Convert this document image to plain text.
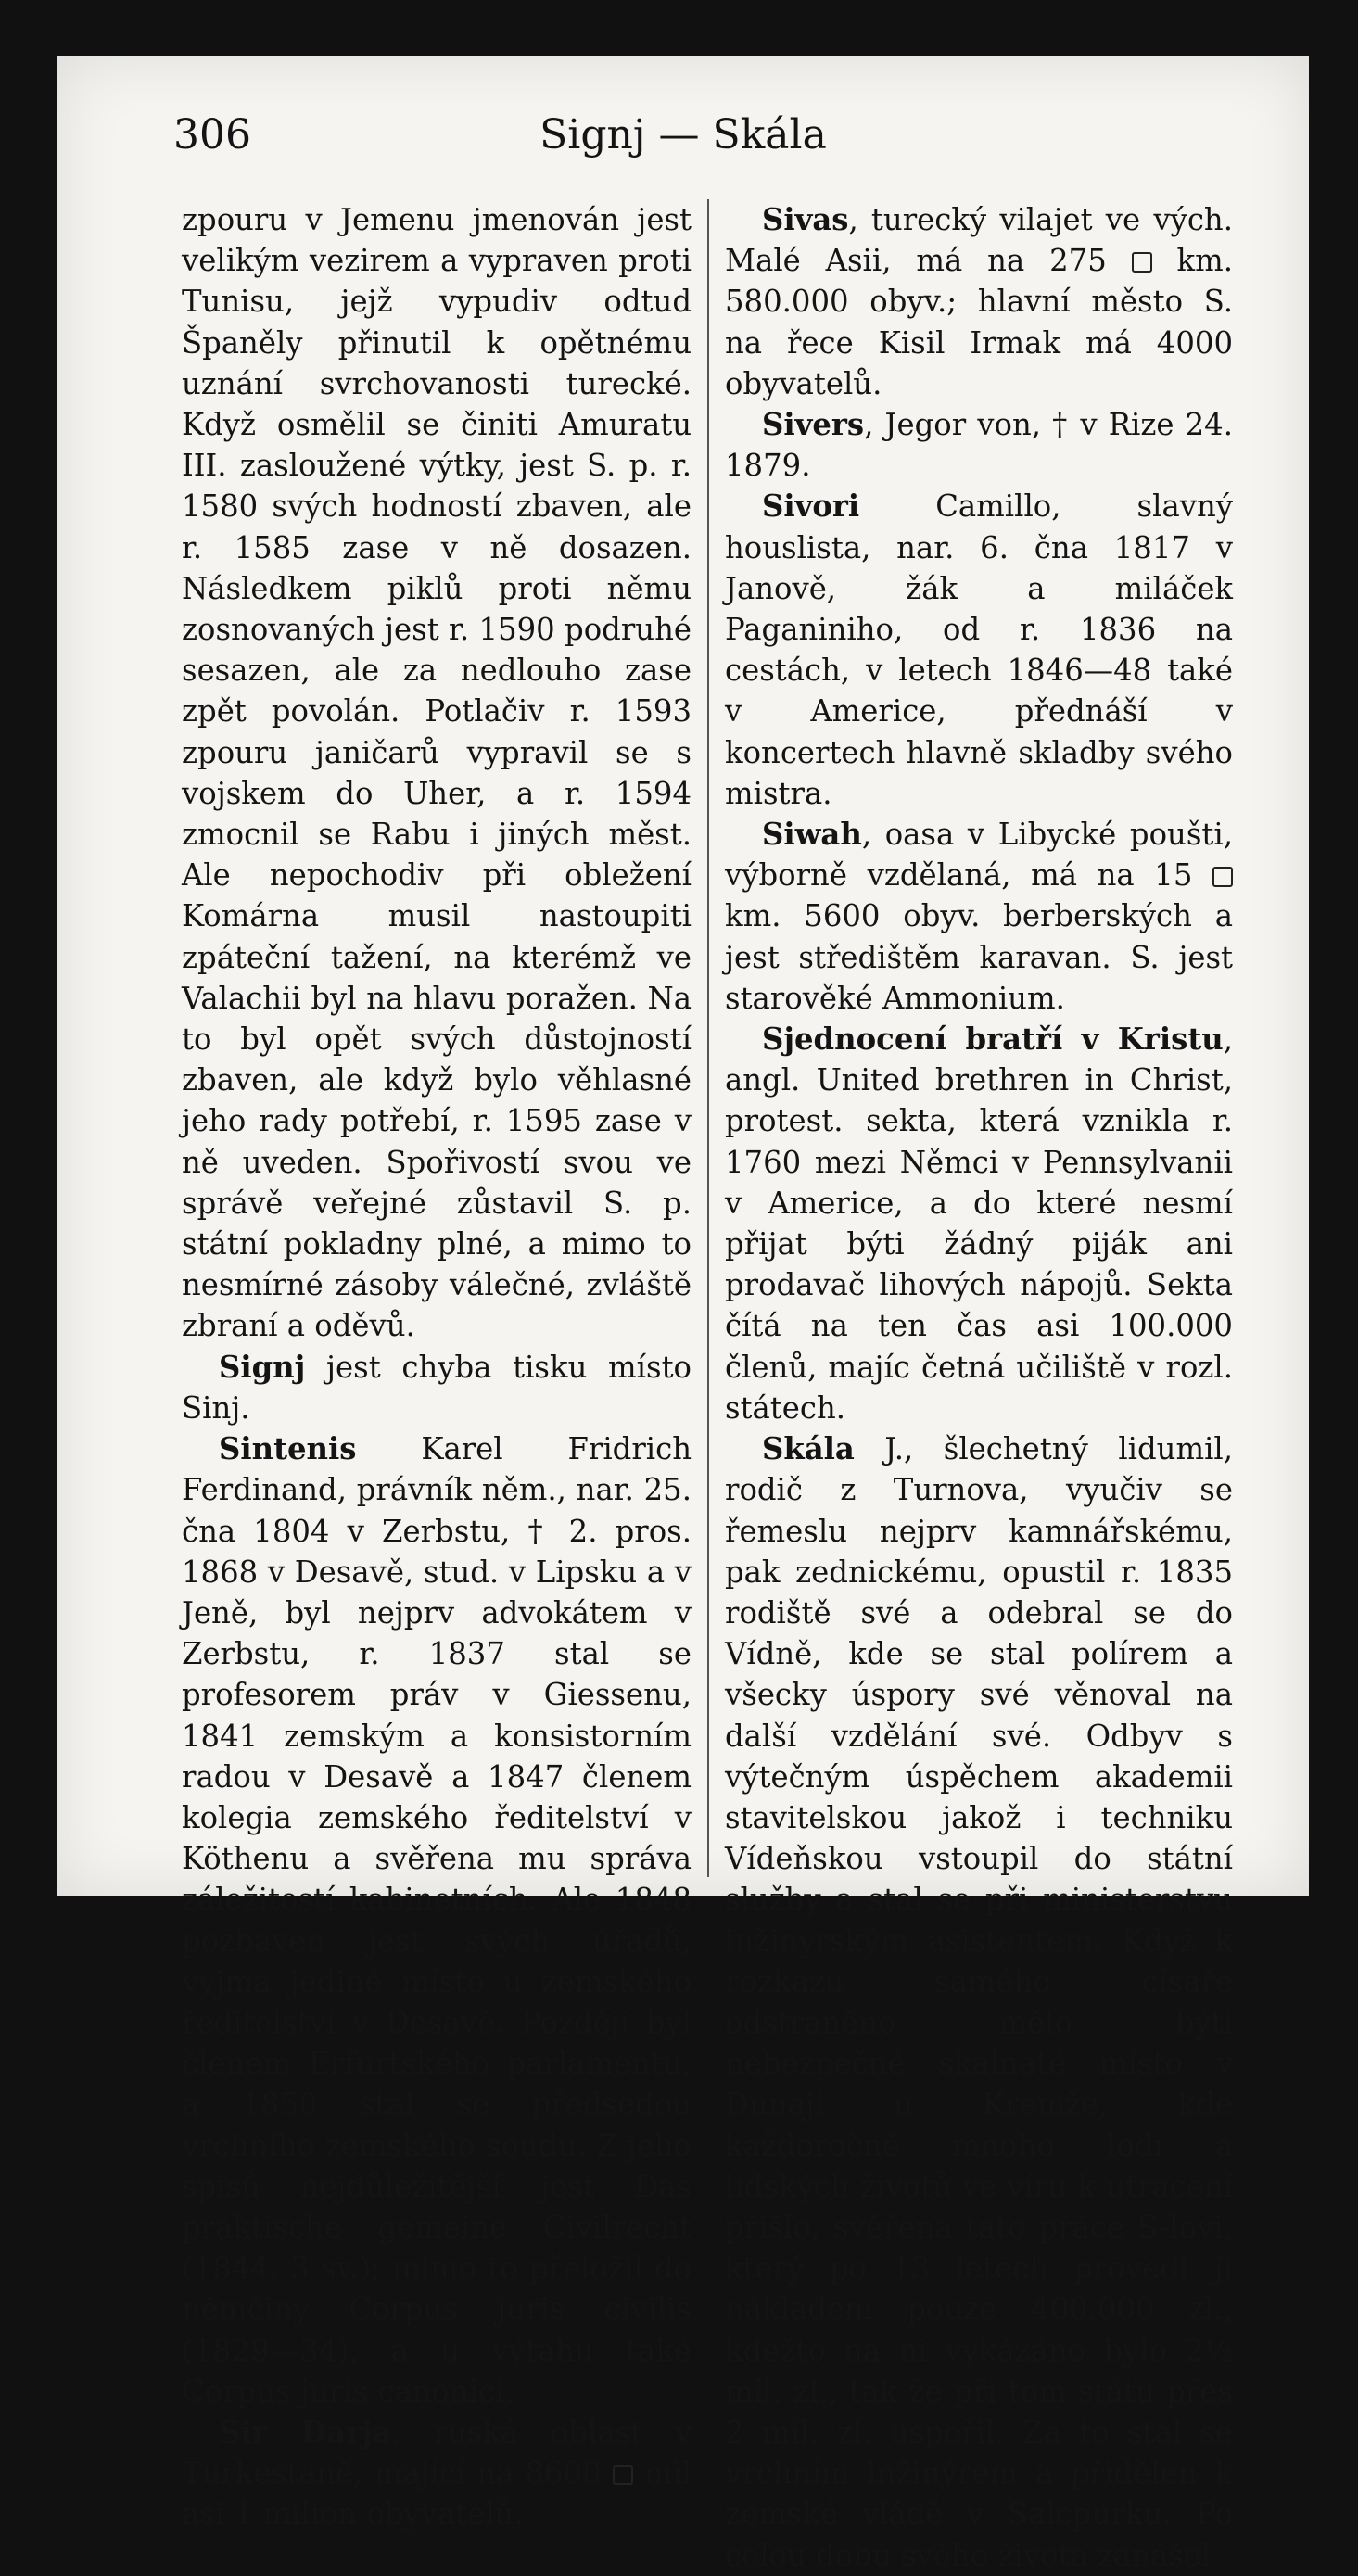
306	Signj — Skála

zpouru v Jemenu jmenován jest velikým vezirem a vypraven proti Tunisu, jejž vypudiv odtud Španěly přinutil k opětnému uznání svrchovanosti turecké. Když osmělil se činiti Amuratu III. zasloužené výtky, jest S. p. r. 1580 svých hodností zbaven, ale r. 1585 zase v ně dosazen. Následkem piklů proti němu zosnovaných jest r. 1590 podruhé sesazen, ale za nedlouho zase zpět povolán. Potlačiv r. 1593 zpouru janičarů vypravil se s vojskem do Uher, a r. 1594 zmocnil se Rabu i jiných měst. Ale nepochodiv při obležení Komárna musil nastoupiti zpáteční tažení, na kterémž ve Valachii byl na hlavu poražen. Na to byl opět svých důstojností zbaven, ale když bylo věhlasné jeho rady potřebí, r. 1595 zase v ně uveden. Spořivostí svou ve správě veřejné zůstavil S. p. státní pokladny plné, a mimo to nesmírné zásoby válečné, zvláště zbraní a oděvů.

Signj jest chyba tisku místo Sinj.

Sintenis Karel Fridrich Ferdinand, právník něm., nar. 25. čna 1804 v Zerbstu, † 2. pros. 1868 v Desavě, stud. v Lipsku a v Jeně, byl nejprv advokátem v Zerbstu, r. 1837 stal se profesorem práv v Giessenu, 1841 zemským a konsistorním radou v Desavě a 1847 členem kolegia zemského ředitelství v Köthenu a svěřena mu správa záležitostí kabinetních. Ale 1848 pozbaven jest svých úřadů, vyjma jediné místo u zemského ředitelství v Desavě. Později byl členem Erfurtského parlamentu, a 1850 stal se předsedou vrchního zemského soudu. Z jeho spisů nejdůležitější jest Das praktische gemeine Civilrecht (1844, 3 sv.); mimo to přeložil do němčiny Corpus juris civilis (1829—34), a u výtahu také Corpus juris canonici.

Sir Darja, ruská oblast v Turkestaně, mající na 8600  mil asi 1 milion obyvatelů.

Sivas, turecký vilajet ve vých. Malé Asii, má na 275  km. 580.000 obyv.; hlavní město S. na řece Kisil Irmak má 4000 obyvatelů.

Sivers, Jegor von, † v Rize 24. 1879.

Sivori Camillo, slavný houslista, nar. 6. čna 1817 v Janově, žák a miláček Paganiniho, od r. 1836 na cestách, v letech 1846—48 také v Americe, přednáší v koncertech hlavně skladby svého mistra.

Siwah, oasa v Libycké poušti, výborně vzdělaná, má na 15  km. 5600 obyv. berberských a jest středištěm karavan. S. jest starověké Ammonium.

Sjednocení bratří v Kristu, angl. United brethren in Christ, protest. sekta, která vznikla r. 1760 mezi Němci v Pennsylvanii v Americe, a do které nesmí přijat býti žádný piják ani prodavač lihových nápojů. Sekta čítá na ten čas asi 100.000 členů, majíc četná učiliště v rozl. státech.

Skála J., šlechetný lidumil, rodič z Turnova, vyučiv se řemeslu nejprv kamnářskému, pak zednickému, opustil r. 1835 rodiště své a odebral se do Vídně, kde se stal polírem a všecky úspory své věnoval na další vzdělání své. Odbyv s výtečným úspěchem akademii stavitelskou jakož i techniku Vídeňskou vstoupil do státní služby a stal se při ministerstvu inžinýrským asistentem. Když k rozkazu samého císaře odstraněno mělo býti nebezpečné skalnaté místo v Dunaji u Kremže, kde každoročně mnoho lodí a lidských životů ve víru k utracení přišlo, svěřena tato práce S-lovi, který po 13 letech provedl ji nákladem pouze 400.000 zl., kdežto na ni vykázáno bylo 2½ mil. zl., tak že při tom státu přes 2 mil. zl. uspořil. Za to stal se vrchním inžinýrem a přidělen k zemské vládě v Salcpurku. Po celou dobu svého života zanášel
